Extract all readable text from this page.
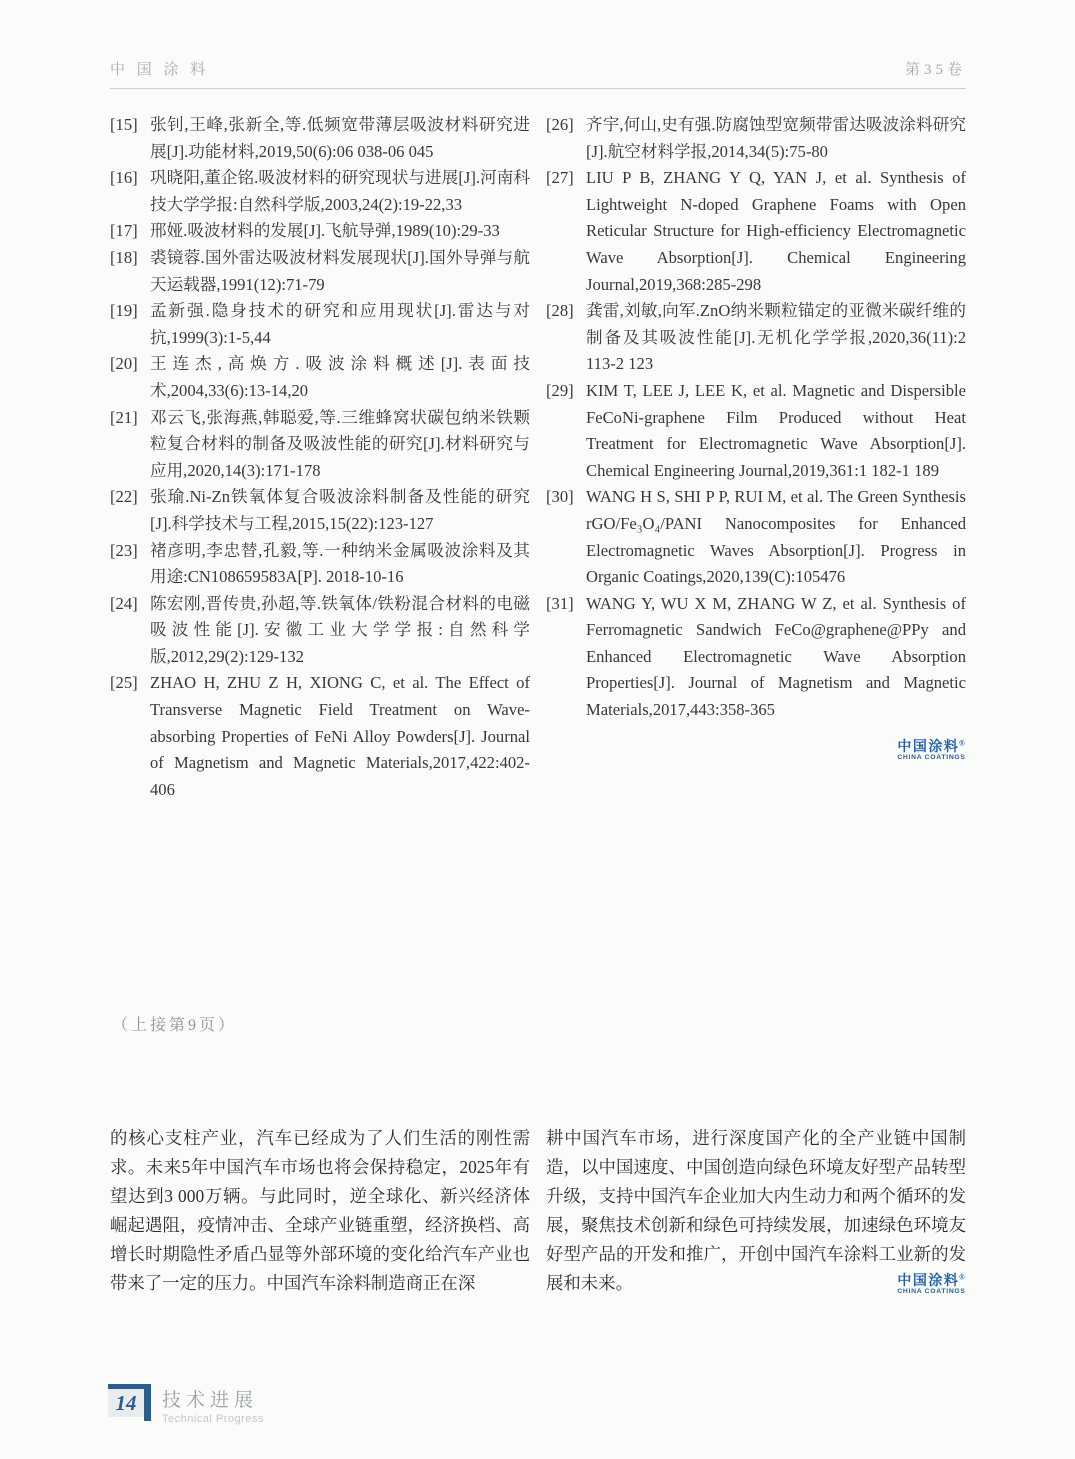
中 国 涂 料	第35卷
[15] 张钊,王峰,张新全,等.低频宽带薄层吸波材料研究进展[J].功能材料,2019,50(6):06 038-06 045
[16] 巩晓阳,董企铭.吸波材料的研究现状与进展[J].河南科技大学学报:自然科学版,2003,24(2):19-22,33
[17] 邢娅.吸波材料的发展[J].飞航导弹,1989(10):29-33
[18] 裘镜蓉.国外雷达吸波材料发展现状[J].国外导弹与航天运载器,1991(12):71-79
[19] 孟新强.隐身技术的研究和应用现状[J].雷达与对抗,1999(3):1-5,44
[20] 王连杰,高焕方.吸波涂料概述[J].表面技术,2004,33(6):13-14,20
[21] 邓云飞,张海燕,韩聪爱,等.三维蜂窝状碳包纳米铁颗粒复合材料的制备及吸波性能的研究[J].材料研究与应用,2020,14(3):171-178
[22] 张瑜.Ni-Zn铁氧体复合吸波涂料制备及性能的研究[J].科学技术与工程,2015,15(22):123-127
[23] 褚彦明,李忠替,孔毅,等.一种纳米金属吸波涂料及其用途:CN108659583A[P]. 2018-10-16
[24] 陈宏刚,晋传贵,孙超,等.铁氧体/铁粉混合材料的电磁吸波性能[J].安徽工业大学学报:自然科学版,2012,29(2):129-132
[25] ZHAO H, ZHU Z H, XIONG C, et al. The Effect of Transverse Magnetic Field Treatment on Wave-absorbing Properties of FeNi Alloy Powders[J]. Journal of Magnetism and Magnetic Materials,2017,422:402-406
[26] 齐宇,何山,史有强.防腐蚀型宽频带雷达吸波涂料研究[J].航空材料学报,2014,34(5):75-80
[27] LIU P B, ZHANG Y Q, YAN J, et al. Synthesis of Lightweight N-doped Graphene Foams with Open Reticular Structure for High-efficiency Electromagnetic Wave Absorption[J]. Chemical Engineering Journal,2019,368:285-298
[28] 龚雷,刘敏,向军.ZnO纳米颗粒锚定的亚微米碳纤维的制备及其吸波性能[J].无机化学学报,2020,36(11):2 113-2 123
[29] KIM T, LEE J, LEE K, et al. Magnetic and Dispersible FeCoNi-graphene Film Produced without Heat Treatment for Electromagnetic Wave Absorption[J]. Chemical Engineering Journal,2019,361:1 182-1 189
[30] WANG H S, SHI P P, RUI M, et al. The Green Synthesis rGO/Fe₃O₄/PANI Nanocomposites for Enhanced Electromagnetic Waves Absorption[J]. Progress in Organic Coatings,2020,139(C):105476
[31] WANG Y, WU X M, ZHANG W Z, et al. Synthesis of Ferromagnetic Sandwich FeCo@graphene@PPy and Enhanced Electromagnetic Wave Absorption Properties[J]. Journal of Magnetism and Magnetic Materials,2017,443:358-365
中国涂料®
CHINA COATINGS
（上接第9页）
的核心支柱产业，汽车已经成为了人们生活的刚性需求。未来5年中国汽车市场也将会保持稳定，2025年有望达到3 000万辆。与此同时，逆全球化、新兴经济体崛起遇阻，疫情冲击、全球产业链重塑，经济换档、高增长时期隐性矛盾凸显等外部环境的变化给汽车产业也带来了一定的压力。中国汽车涂料制造商正在深
耕中国汽车市场，进行深度国产化的全产业链中国制造，以中国速度、中国创造向绿色环境友好型产品转型升级，支持中国汽车企业加大内生动力和两个循环的发展，聚焦技术创新和绿色可持续发展，加速绿色环境友好型产品的开发和推广，开创中国汽车涂料工业新的发展和未来。	中国涂料®
CHINA COATINGS
14	技术进展
Technical Progress
